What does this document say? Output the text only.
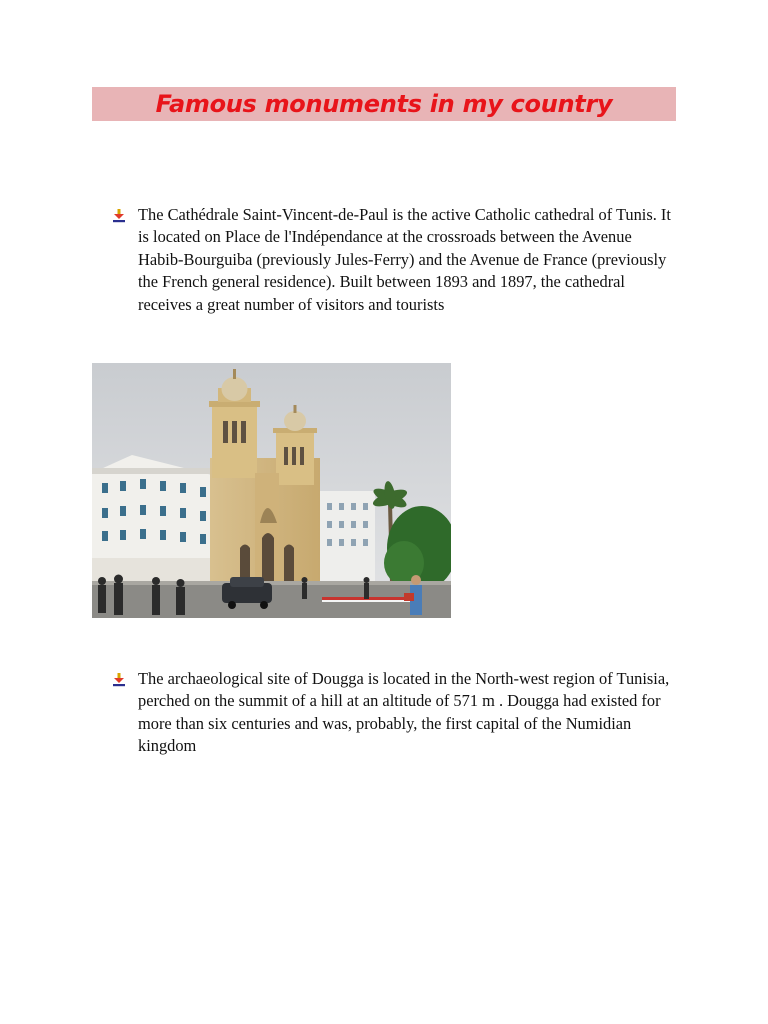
Famous monuments in my country
The Cathédrale Saint-Vincent-de-Paul is the active Catholic cathedral of Tunis. It is located on Place de l'Indépendance at the crossroads between the Avenue Habib-Bourguiba (previously Jules-Ferry) and the Avenue de France (previously the French general residence). Built between 1893 and 1897, the cathedral receives a great number of visitors and tourists
The archaeological site of Dougga is located in the North-west region of Tunisia, perched on the summit of a hill at an altitude of 571 m . Dougga had existed for more than six centuries and was, probably, the first capital of the Numidian kingdom
